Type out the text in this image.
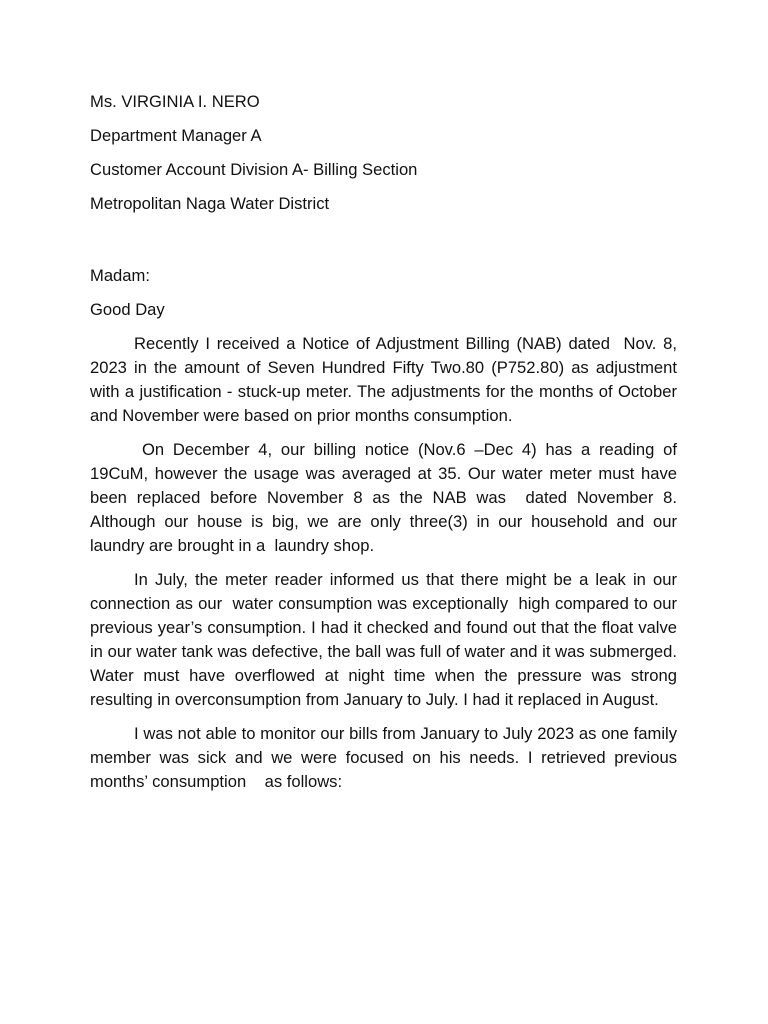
Ms. VIRGINIA I. NERO

Department Manager A

Customer Account Division A- Billing Section

Metropolitan Naga Water District

Madam:

Good Day

Recently I received a Notice of Adjustment Billing (NAB) dated  Nov. 8, 2023 in the amount of Seven Hundred Fifty Two.80 (P752.80) as adjustment with a justification - stuck-up meter. The adjustments for the months of October and November were based on prior months consumption.

On December 4, our billing notice (Nov.6 –Dec 4) has a reading of 19CuM, however the usage was averaged at 35. Our water meter must have been replaced before November 8 as the NAB was  dated November 8.     Although our house is big, we are only three(3) in our household and our laundry are brought in a  laundry shop.

In July, the meter reader informed us that there might be a leak in our connection as our  water consumption was exceptionally  high compared to our previous year’s consumption. I had it checked and found out that the float valve in our water tank was defective, the ball was full of water and it was submerged. Water must have overflowed at night time when the pressure was strong resulting in overconsumption from January to July. I had it replaced in August.

I was not able to monitor our bills from January to July 2023 as one family member was sick and we were focused on his needs. I retrieved previous  months’ consumption    as follows:
